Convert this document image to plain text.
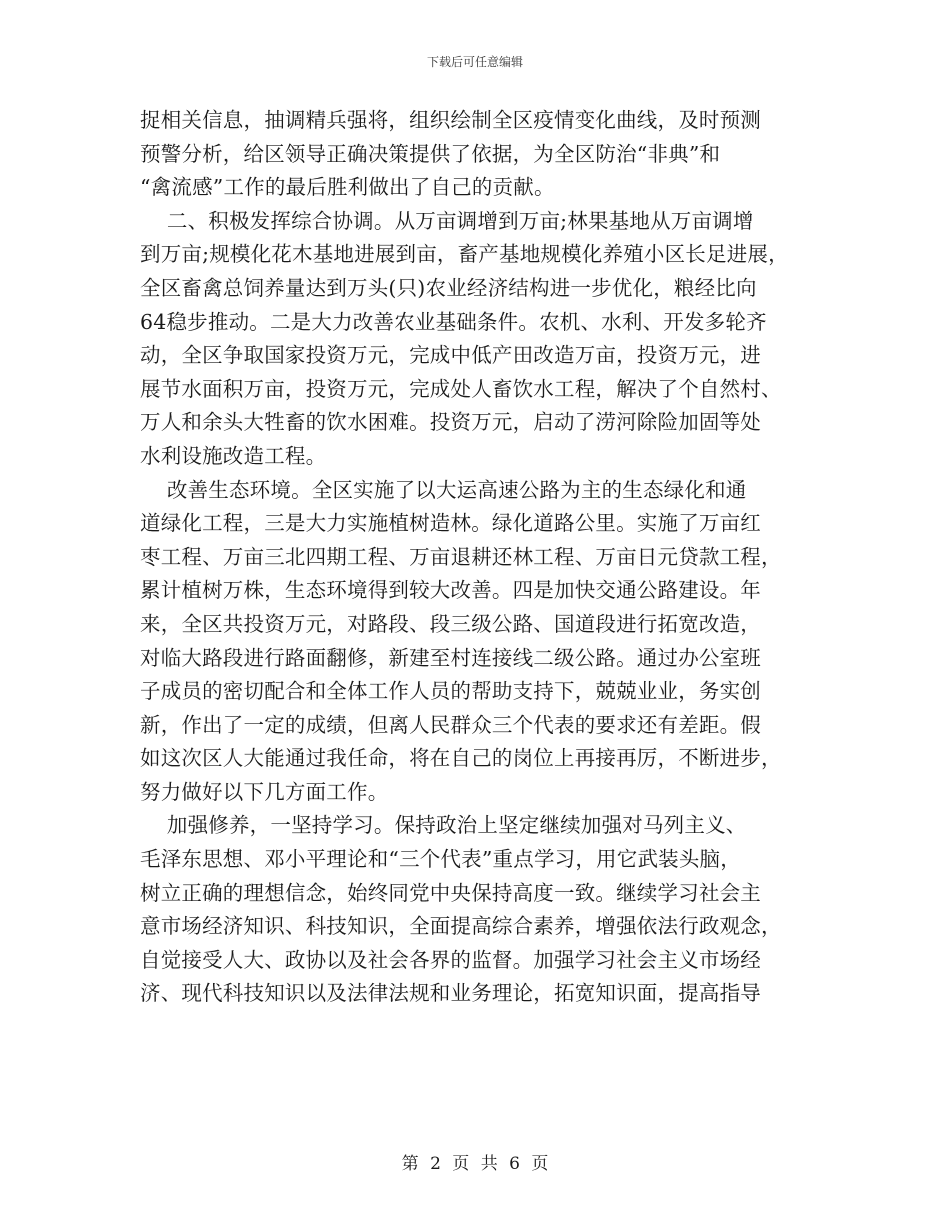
下载后可任意编辑

捉相关信息，抽调精兵强将，组织绘制全区疫情变化曲线，及时预测
预警分析，给区领导正确决策提供了依据，为全区防治“非典”和
“禽流感”工作的最后胜利做出了自己的贡献。

二、积极发挥综合协调。从万亩调增到万亩;林果基地从万亩调增
到万亩;规模化花木基地进展到亩，畜产基地规模化养殖小区长足进展，
全区畜禽总饲养量达到万头(只)农业经济结构进一步优化，粮经比向
64稳步推动。二是大力改善农业基础条件。农机、水利、开发多轮齐
动，全区争取国家投资万元，完成中低产田改造万亩，投资万元，进
展节水面积万亩，投资万元，完成处人畜饮水工程，解决了个自然村、
万人和余头大牲畜的饮水困难。投资万元，启动了涝河除险加固等处
水利设施改造工程。

改善生态环境。全区实施了以大运高速公路为主的生态绿化和通
道绿化工程，三是大力实施植树造林。绿化道路公里。实施了万亩红
枣工程、万亩三北四期工程、万亩退耕还林工程、万亩日元贷款工程，
累计植树万株，生态环境得到较大改善。四是加快交通公路建设。年
来，全区共投资万元，对路段、段三级公路、国道段进行拓宽改造，
对临大路段进行路面翻修，新建至村连接线二级公路。通过办公室班
子成员的密切配合和全体工作人员的帮助支持下，兢兢业业，务实创
新，作出了一定的成绩，但离人民群众三个代表的要求还有差距。假
如这次区人大能通过我任命，将在自己的岗位上再接再厉，不断进步，
努力做好以下几方面工作。

加强修养，一坚持学习。保持政治上坚定继续加强对马列主义、
毛泽东思想、邓小平理论和“三个代表”重点学习，用它武装头脑，
树立正确的理想信念，始终同党中央保持高度一致。继续学习社会主
意市场经济知识、科技知识，全面提高综合素养，增强依法行政观念，
自觉接受人大、政协以及社会各界的监督。加强学习社会主义市场经
济、现代科技知识以及法律法规和业务理论，拓宽知识面，提高指导

第 2 页 共 6 页
